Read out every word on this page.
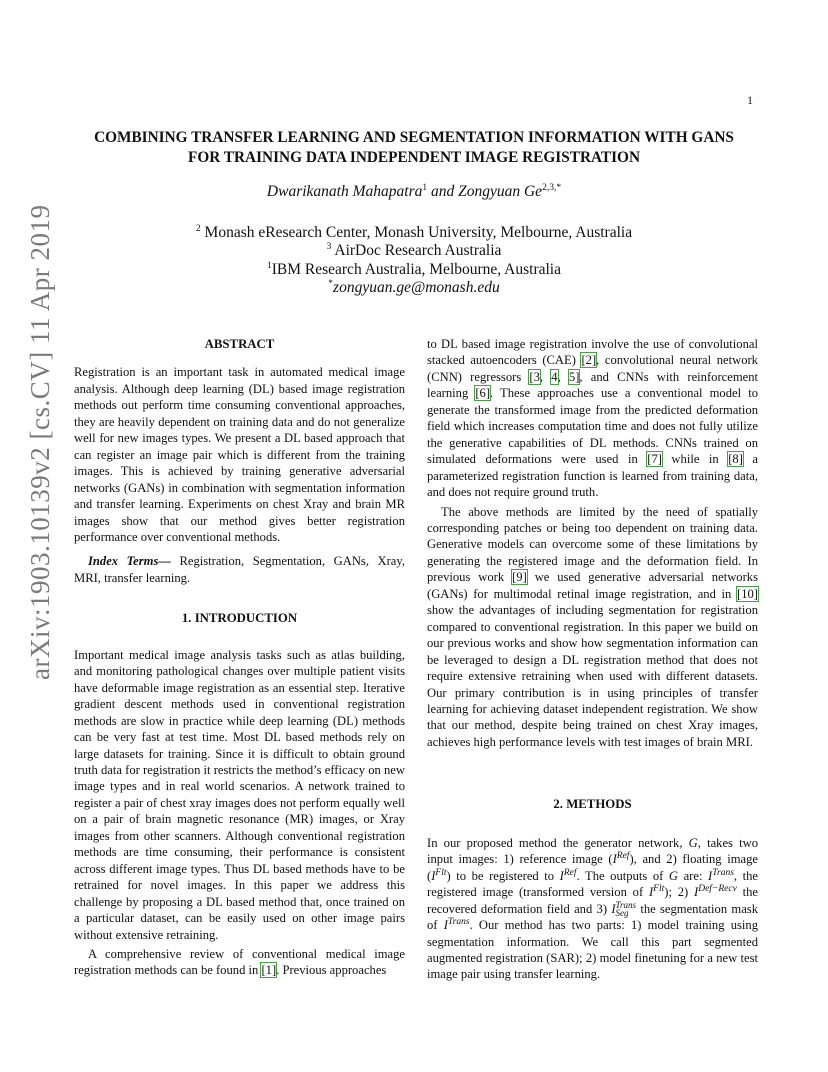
1
arXiv:1903.10139v2 [cs.CV] 11 Apr 2019
COMBINING TRANSFER LEARNING AND SEGMENTATION INFORMATION WITH GANS
FOR TRAINING DATA INDEPENDENT IMAGE REGISTRATION
Dwarikanath Mahapatra$^1$ and Zongyuan $Ge^{2,3,*}$
$^2$ Monash eResearch Center, Monash University, Melbourne, Australia
$^3$ AirDoc Research Australia
$^1$IBM Research Australia, Melbourne, Australia
*zongyuan.ge@monash.edu

ABSTRACT

Registration is an important task in automated medical image analysis. Although deep learning (DL) based image registration methods out perform time consuming conventional approaches, they are heavily dependent on training data and do not generalize well for new images types. We present a DL based approach that can register an image pair which is different from the training images. This is achieved by training generative adversarial networks (GANs) in combination with segmentation information and transfer learning. Experiments on chest Xray and brain MR images show that our method gives better registration performance over conventional methods.

Index Terms— Registration, Segmentation, GANs, Xray, MRI, transfer learning.

1. INTRODUCTION

Important medical image analysis tasks such as atlas building, and monitoring pathological changes over multiple patient visits have deformable image registration as an essential step. Iterative gradient descent methods used in conventional registration methods are slow in practice while deep learning (DL) methods can be very fast at test time. Most DL based methods rely on large datasets for training. Since it is difficult to obtain ground truth data for registration it restricts the method’s efficacy on new image types and in real world scenarios. A network trained to register a pair of chest xray images does not perform equally well on a pair of brain magnetic resonance (MR) images, or Xray images from other scanners. Although conventional registration methods are time consuming, their performance is consistent across different image types. Thus DL based methods have to be retrained for novel images. In this paper we address this challenge by proposing a DL based method that, once trained on a particular dataset, can be easily used on other image pairs without extensive retraining.

A comprehensive review of conventional medical image registration methods can be found in [1]. Previous approaches

to DL based image registration involve the use of convolutional stacked autoencoders (CAE) [2], convolutional neural network (CNN) regressors [3, 4, 5], and CNNs with reinforcement learning [6]. These approaches use a conventional model to generate the transformed image from the predicted deformation field which increases computation time and does not fully utilize the generative capabilities of DL methods. CNNs trained on simulated deformations were used in [7] while in [8] a parameterized registration function is learned from training data, and does not require ground truth.

The above methods are limited by the need of spatially corresponding patches or being too dependent on training data. Generative models can overcome some of these limitations by generating the registered image and the deformation field. In previous work [9] we used generative adversarial networks (GANs) for multimodal retinal image registration, and in [10] show the advantages of including segmentation for registration compared to conventional registration. In this paper we build on our previous works and show how segmentation information can be leveraged to design a DL registration method that does not require extensive retraining when used with different datasets. Our primary contribution is in using principles of transfer learning for achieving dataset independent registration. We show that our method, despite being trained on chest Xray images, achieves high performance levels with test images of brain MRI.

2. METHODS

In our proposed method the generator network, G, takes two input images: 1) reference image $(I^{Ref})$, and 2) floating image $(I^{Flt})$ to be registered to $I^{Ref}$. The outputs of G are: $I^{Trans}$, the registered image (transformed version of $I^{Flt}$); 2) $I^{Def-Recv}$ the recovered deformation field and 3) ITrans
Seg the segmentation mask of $I^{Trans}$. Our method has two parts: 1) model training using segmentation information. We call this part segmented augmented registration (SAR); 2) model finetuning for a new test image pair using transfer learning.
